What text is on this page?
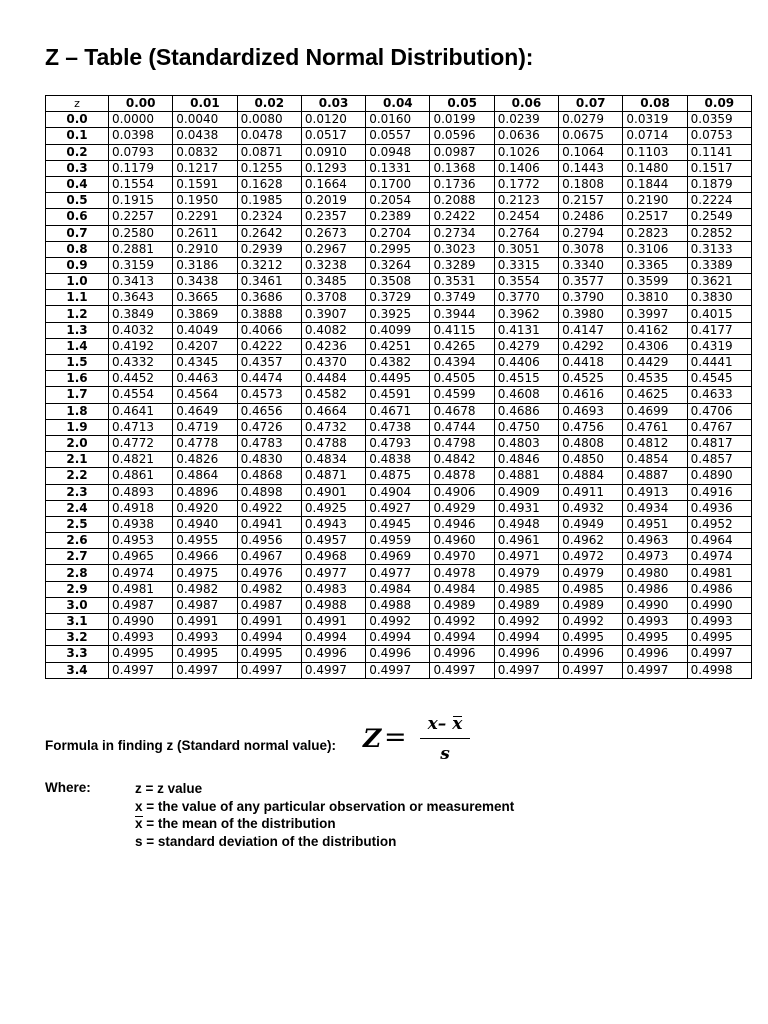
Z – Table (Standardized Normal Distribution):
z	0.00	0.01	0.02	0.03	0.04	0.05	0.06	0.07	0.08	0.09
0.0	0.0000	0.0040	0.0080	0.0120	0.0160	0.0199	0.0239	0.0279	0.0319	0.0359
0.1	0.0398	0.0438	0.0478	0.0517	0.0557	0.0596	0.0636	0.0675	0.0714	0.0753
0.2	0.0793	0.0832	0.0871	0.0910	0.0948	0.0987	0.1026	0.1064	0.1103	0.1141
0.3	0.1179	0.1217	0.1255	0.1293	0.1331	0.1368	0.1406	0.1443	0.1480	0.1517
0.4	0.1554	0.1591	0.1628	0.1664	0.1700	0.1736	0.1772	0.1808	0.1844	0.1879
0.5	0.1915	0.1950	0.1985	0.2019	0.2054	0.2088	0.2123	0.2157	0.2190	0.2224
0.6	0.2257	0.2291	0.2324	0.2357	0.2389	0.2422	0.2454	0.2486	0.2517	0.2549
0.7	0.2580	0.2611	0.2642	0.2673	0.2704	0.2734	0.2764	0.2794	0.2823	0.2852
0.8	0.2881	0.2910	0.2939	0.2967	0.2995	0.3023	0.3051	0.3078	0.3106	0.3133
0.9	0.3159	0.3186	0.3212	0.3238	0.3264	0.3289	0.3315	0.3340	0.3365	0.3389
1.0	0.3413	0.3438	0.3461	0.3485	0.3508	0.3531	0.3554	0.3577	0.3599	0.3621
1.1	0.3643	0.3665	0.3686	0.3708	0.3729	0.3749	0.3770	0.3790	0.3810	0.3830
1.2	0.3849	0.3869	0.3888	0.3907	0.3925	0.3944	0.3962	0.3980	0.3997	0.4015
1.3	0.4032	0.4049	0.4066	0.4082	0.4099	0.4115	0.4131	0.4147	0.4162	0.4177
1.4	0.4192	0.4207	0.4222	0.4236	0.4251	0.4265	0.4279	0.4292	0.4306	0.4319
1.5	0.4332	0.4345	0.4357	0.4370	0.4382	0.4394	0.4406	0.4418	0.4429	0.4441
1.6	0.4452	0.4463	0.4474	0.4484	0.4495	0.4505	0.4515	0.4525	0.4535	0.4545
1.7	0.4554	0.4564	0.4573	0.4582	0.4591	0.4599	0.4608	0.4616	0.4625	0.4633
1.8	0.4641	0.4649	0.4656	0.4664	0.4671	0.4678	0.4686	0.4693	0.4699	0.4706
1.9	0.4713	0.4719	0.4726	0.4732	0.4738	0.4744	0.4750	0.4756	0.4761	0.4767
2.0	0.4772	0.4778	0.4783	0.4788	0.4793	0.4798	0.4803	0.4808	0.4812	0.4817
2.1	0.4821	0.4826	0.4830	0.4834	0.4838	0.4842	0.4846	0.4850	0.4854	0.4857
2.2	0.4861	0.4864	0.4868	0.4871	0.4875	0.4878	0.4881	0.4884	0.4887	0.4890
2.3	0.4893	0.4896	0.4898	0.4901	0.4904	0.4906	0.4909	0.4911	0.4913	0.4916
2.4	0.4918	0.4920	0.4922	0.4925	0.4927	0.4929	0.4931	0.4932	0.4934	0.4936
2.5	0.4938	0.4940	0.4941	0.4943	0.4945	0.4946	0.4948	0.4949	0.4951	0.4952
2.6	0.4953	0.4955	0.4956	0.4957	0.4959	0.4960	0.4961	0.4962	0.4963	0.4964
2.7	0.4965	0.4966	0.4967	0.4968	0.4969	0.4970	0.4971	0.4972	0.4973	0.4974
2.8	0.4974	0.4975	0.4976	0.4977	0.4977	0.4978	0.4979	0.4979	0.4980	0.4981
2.9	0.4981	0.4982	0.4982	0.4983	0.4984	0.4984	0.4985	0.4985	0.4986	0.4986
3.0	0.4987	0.4987	0.4987	0.4988	0.4988	0.4989	0.4989	0.4989	0.4990	0.4990
3.1	0.4990	0.4991	0.4991	0.4991	0.4992	0.4992	0.4992	0.4992	0.4993	0.4993
3.2	0.4993	0.4993	0.4994	0.4994	0.4994	0.4994	0.4994	0.4995	0.4995	0.4995
3.3	0.4995	0.4995	0.4995	0.4996	0.4996	0.4996	0.4996	0.4996	0.4996	0.4997
3.4	0.4997	0.4997	0.4997	0.4997	0.4997	0.4997	0.4997	0.4997	0.4997	0.4998
Formula in finding z (Standard normal value): Z =	x– x
s
Where:	z = z value
x = the value of any particular observation or measurement
x = the mean of the distribution
s = standard deviation of the distribution
